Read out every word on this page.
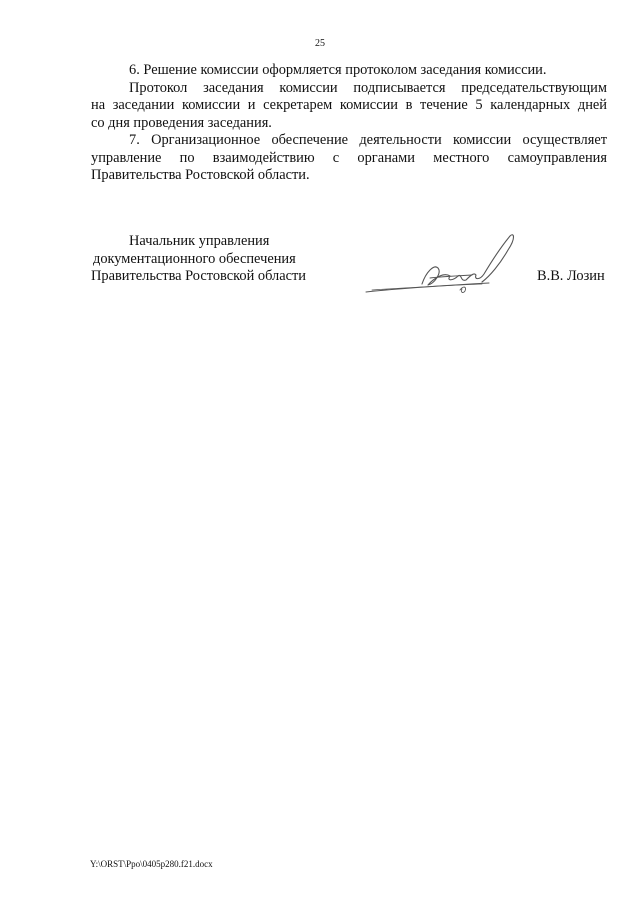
25

6. Решение комиссии оформляется протоколом заседания комиссии.

Протокол заседания комиссии подписывается председательствующим
на заседании комиссии и секретарем комиссии в течение 5 календарных дней
со дня проведения заседания.
7. Организационное обеспечение деятельности комиссии осуществляет
управление по взаимодействию с органами местного самоуправления
Правительства Ростовской области.
Начальник управления
документационного обеспечения
Правительства Ростовской области	В.В. Лозин
Y:\ORST\Ppo\0405p280.f21.docx
